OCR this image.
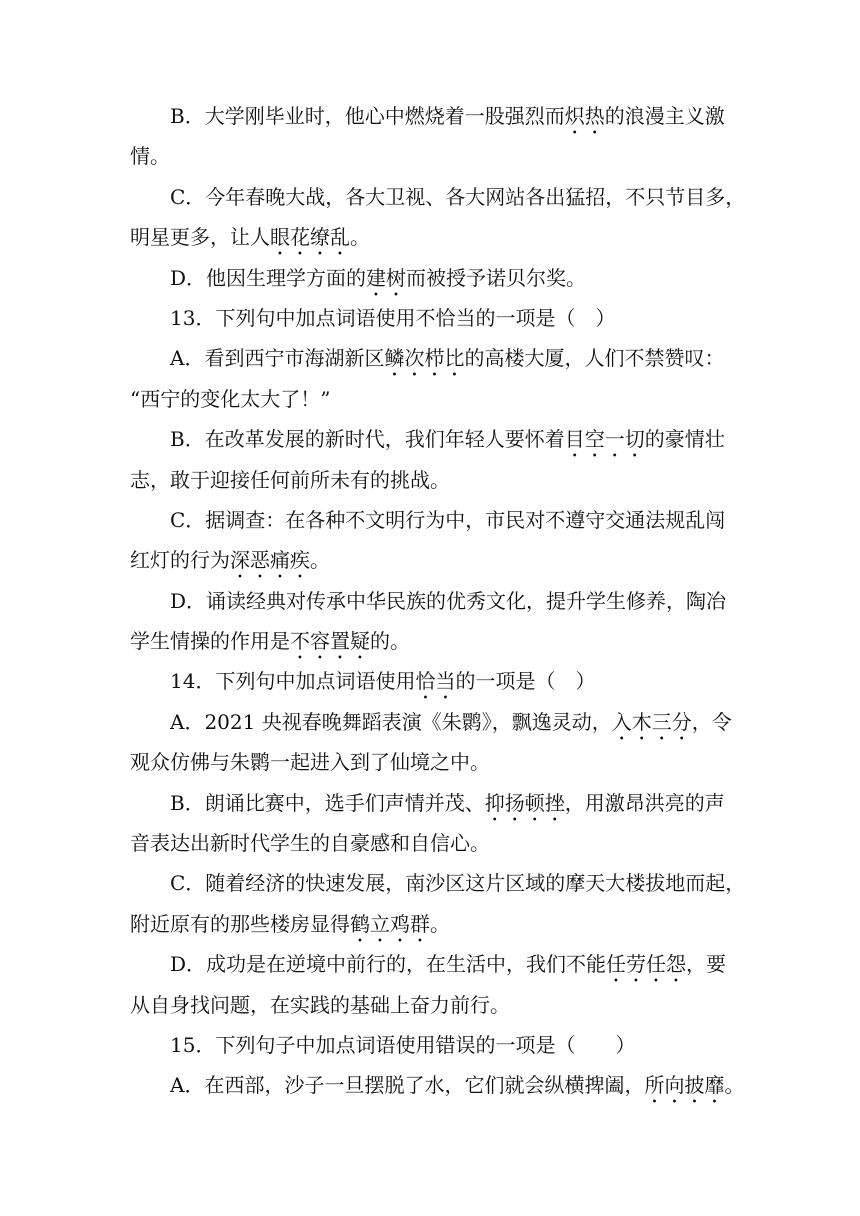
B．大学刚毕业时，他心中燃烧着一股强烈而炽热的浪漫主义激
情。
C．今年春晚大战，各大卫视、各大网站各出猛招，不只节目多，
明星更多，让人眼花缭乱。
D．他因生理学方面的建树而被授予诺贝尔奖。
13．下列句中加点词语使用不恰当的一项是（　）
A．看到西宁市海湖新区鳞次栉比的高楼大厦，人们不禁赞叹：
“西宁的变化太大了！”
B．在改革发展的新时代，我们年轻人要怀着目空一切的豪情壮
志，敢于迎接任何前所未有的挑战。
C．据调查：在各种不文明行为中，市民对不遵守交通法规乱闯
红灯的行为深恶痛疾。
D．诵读经典对传承中华民族的优秀文化，提升学生修养，陶冶
学生情操的作用是不容置疑的。
14．下列句中加点词语使用恰当的一项是（　）
A．2021 央视春晚舞蹈表演《朱鹮》，飘逸灵动，入木三分，令
观众仿佛与朱鹮一起进入到了仙境之中。
B．朗诵比赛中，选手们声情并茂、抑扬顿挫，用激昂洪亮的声
音表达出新时代学生的自豪感和自信心。
C．随着经济的快速发展，南沙区这片区域的摩天大楼拔地而起，
附近原有的那些楼房显得鹤立鸡群。
D．成功是在逆境中前行的，在生活中，我们不能任劳任怨，要
从自身找问题，在实践的基础上奋力前行。
15．下列句子中加点词语使用错误的一项是（　　）
A．在西部，沙子一旦摆脱了水，它们就会纵横捭阖，所向披靡。
